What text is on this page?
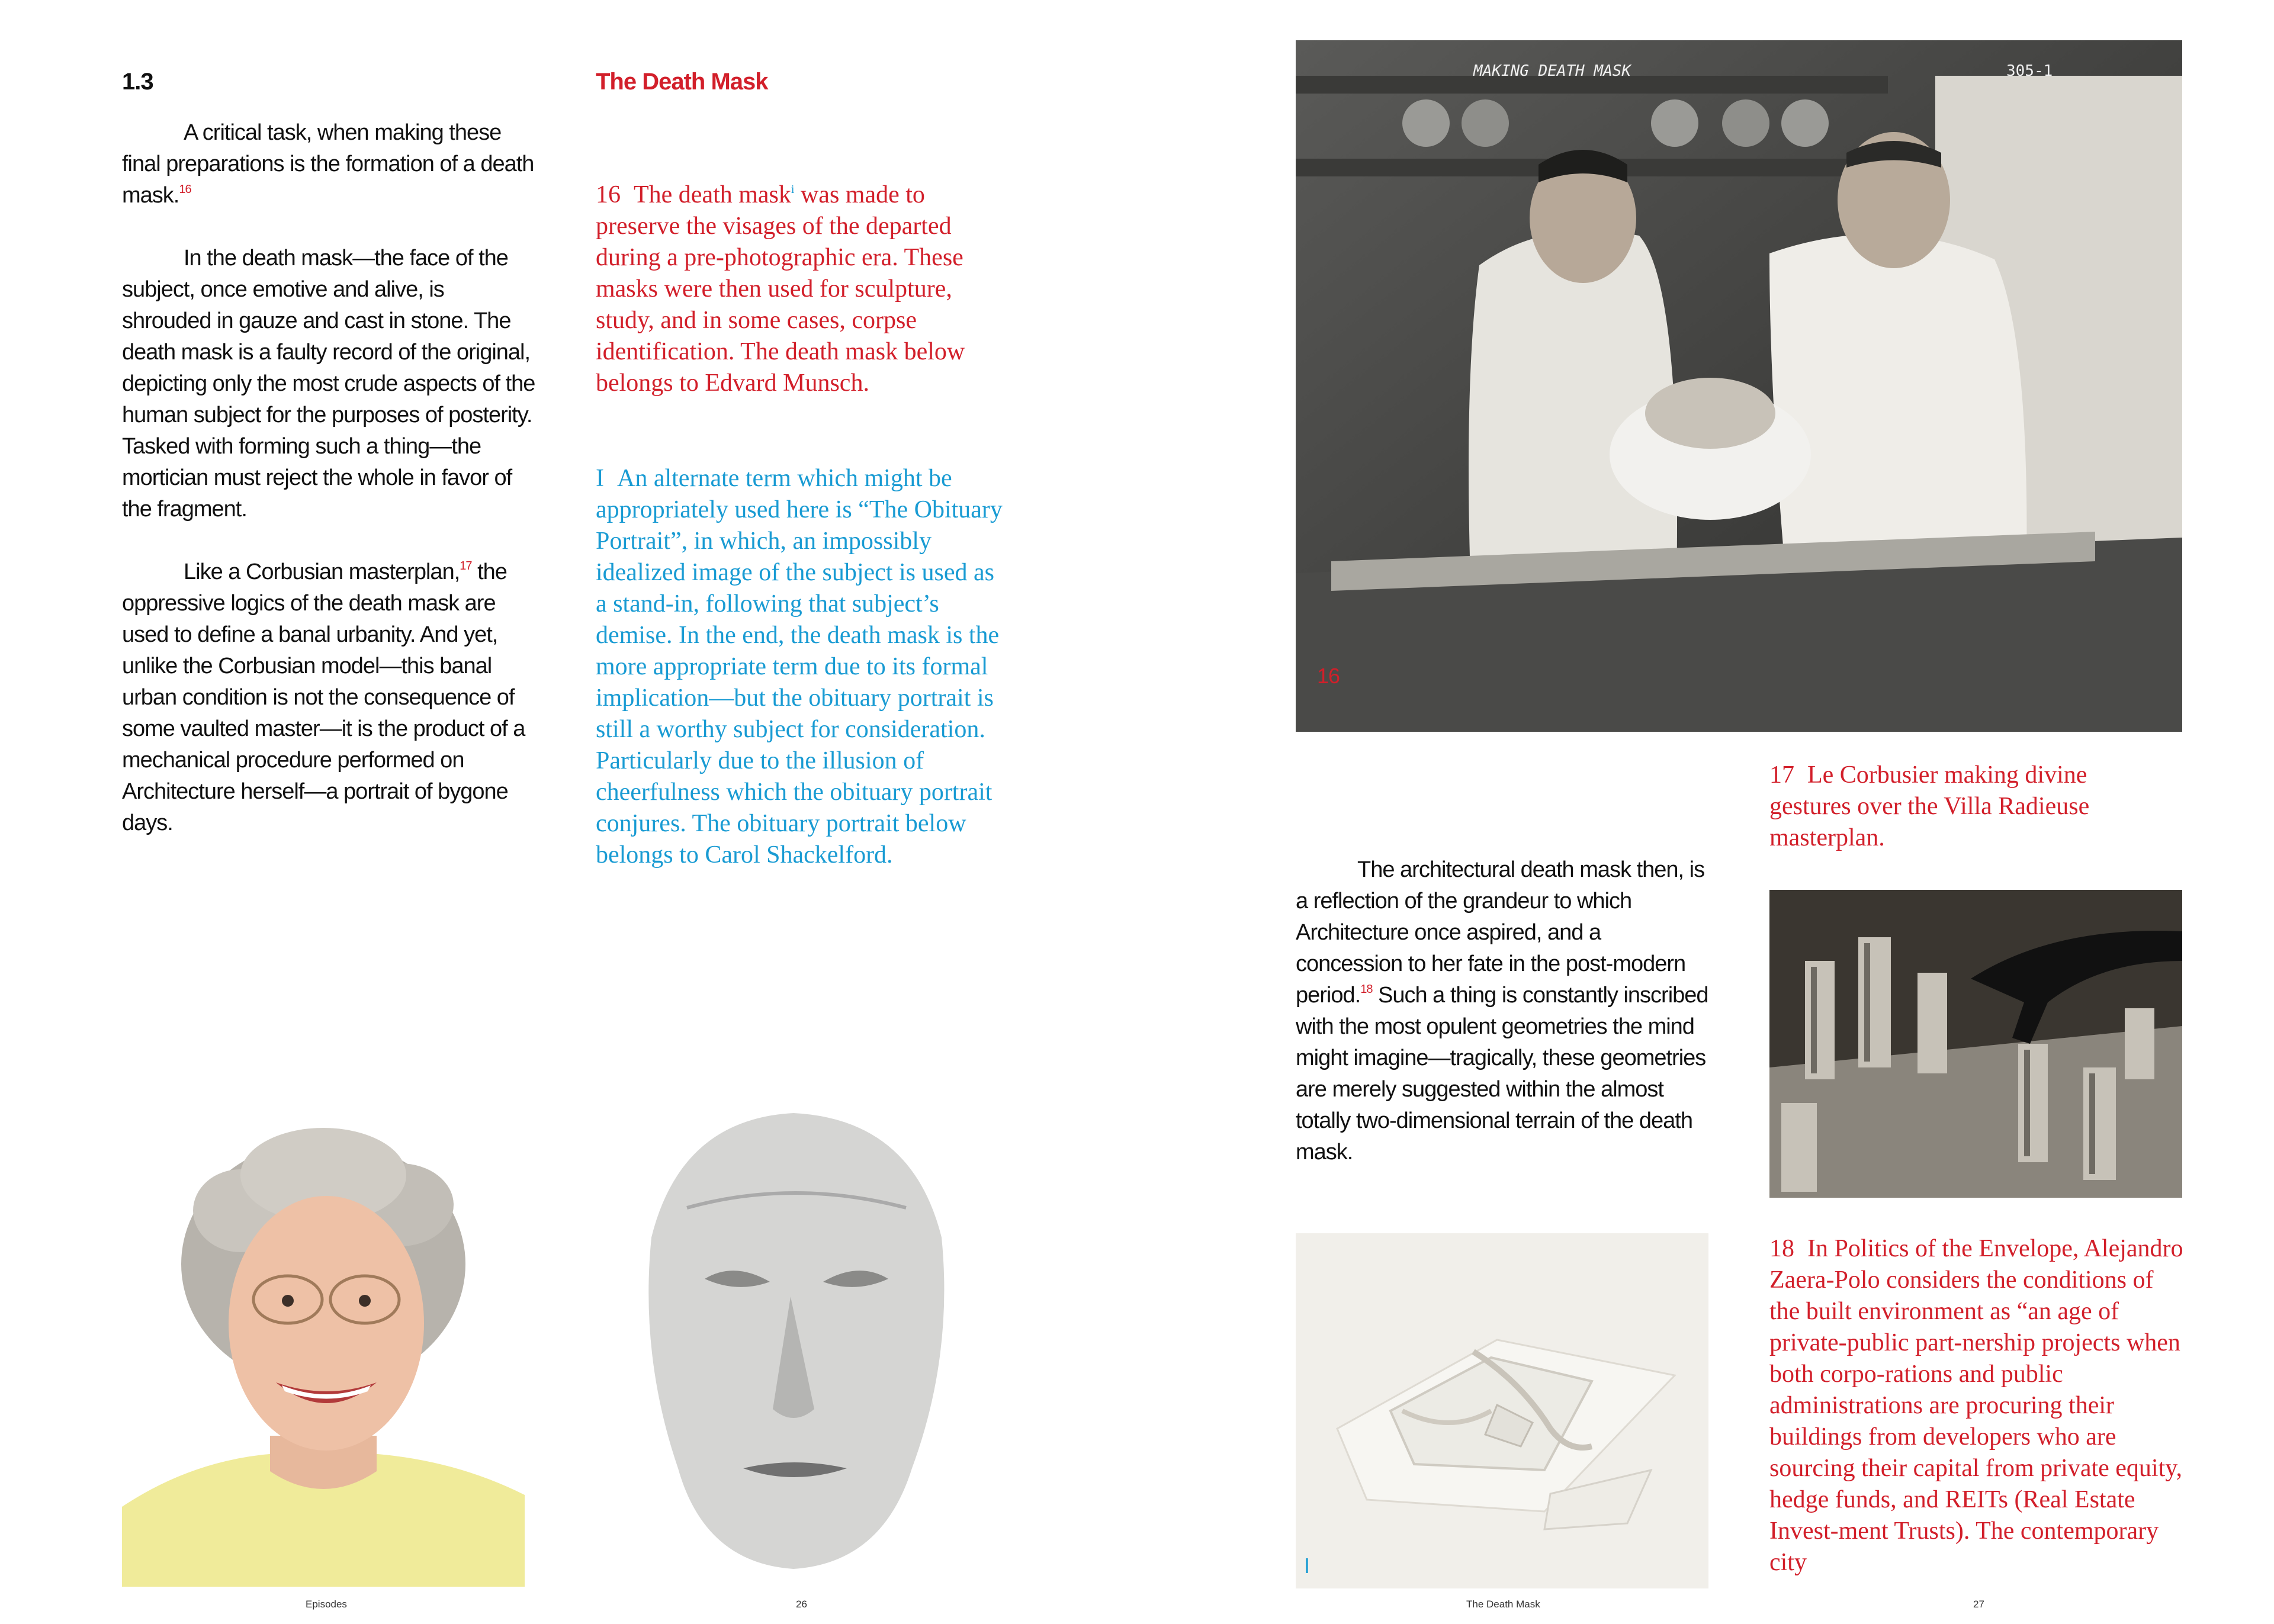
1.3	The Death Mask

A critical task, when making these final preparations is the formation of a death mask.$^{16}$

In the death mask—the face of the subject, once emotive and alive, is shrouded in gauze and cast in stone. The death mask is a faulty record of the original, depicting only the most crude aspects of the human subject for the purposes of posterity. Tasked with forming such a thing—the mortician must reject the whole in favor of the fragment.

Like a Corbusian masterplan,$^{17}$ the oppressive logics of the death mask are used to define a banal urbanity. And yet, unlike the Corbusian model—this banal urban condition is not the consequence of some vaulted master—it is the product of a mechanical procedure performed on Architecture herself—a portrait of bygone days.

16 The death mask$^i$ was made to preserve the visages of the departed during a pre-photographic era. These masks were then used for sculpture, study, and in some cases, corpse identification. The death mask below belongs to Edvard Munsch.
I An alternate term which might be appropriately used here is “The Obituary Portrait”, in which, an impossibly idealized image of the subject is used as a stand-in, following that subject’s demise. In the end, the death mask is the more appropriate term due to its formal implication—but the obituary portrait is still a worthy subject for consideration. Particularly due to the illusion of cheerfulness which the obituary portrait conjures. The obituary portrait below belongs to Carol Shackelford.
Episodes	26
MAKING DEATH MASK	305-1
16
17 Le Corbusier making divine gestures over the Villa Radieuse masterplan.

The architectural death mask then, is a reflection of the grandeur to which Architecture once aspired, and a concession to her fate in the post-modern period.$^{18}$ Such a thing is constantly inscribed with the most opulent geometries the mind might imagine—tragically, these geometries are merely suggested within the almost totally two-dimensional terrain of the death mask.

I
18 In Politics of the Envelope, Alejandro Zaera-Polo considers the conditions of the built environment as “an age of private-public part-nership projects when both corpo-rations and public administrations are procuring their buildings from developers who are sourcing their capital from private equity, hedge funds, and REITs (Real Estate Invest-ment Trusts). The contemporary city
The Death Mask	27
